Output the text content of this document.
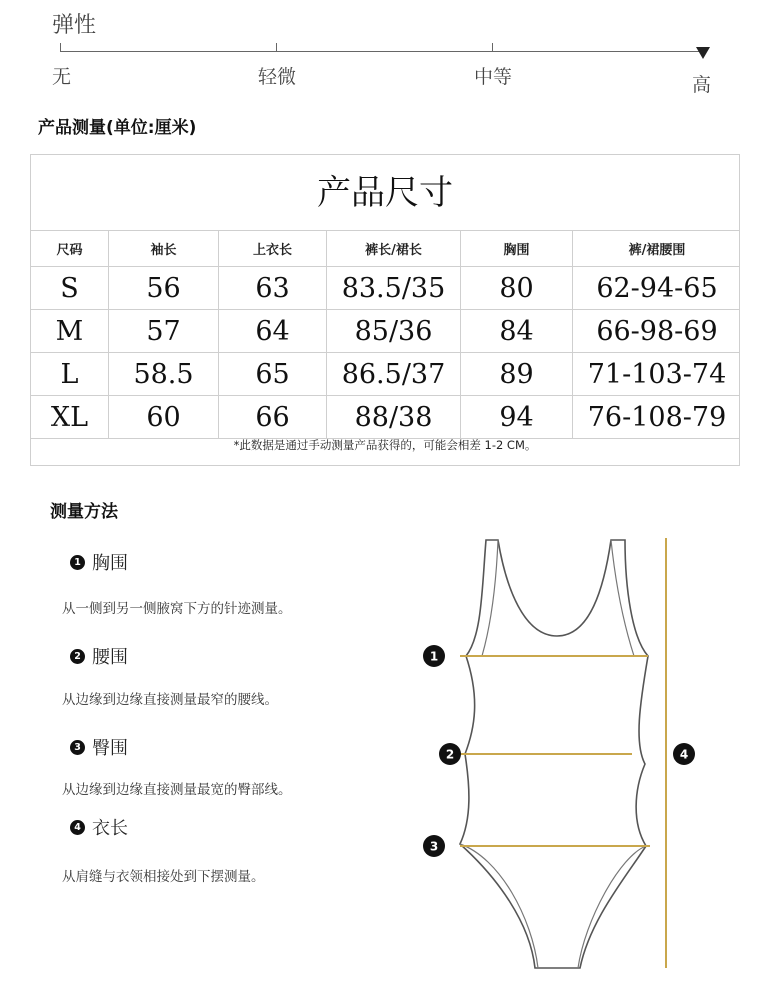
弹性
无	轻微	中等	高
产品测量(单位:厘米)
产品尺寸
尺码	袖长	上衣长	裤长/裙长	胸围	裤/裙腰围
S	56	63	83.5/35	80	62-94-65
M	57	64	85/36	84	66-98-69
L	58.5	65	86.5/37	89	71-103-74
XL	60	66	88/38	94	76-108-79
*此数据是通过手动测量产品获得的，可能会相差 1-2 CM。
测量方法
1 胸围
从一侧到另一侧腋窝下方的针迹测量。
2 腰围
从边缘到边缘直接测量最窄的腰线。
3 臀围
从边缘到边缘直接测量最宽的臀部线。
4 衣长
从肩缝与衣领相接处到下摆测量。
1
2
3
4
